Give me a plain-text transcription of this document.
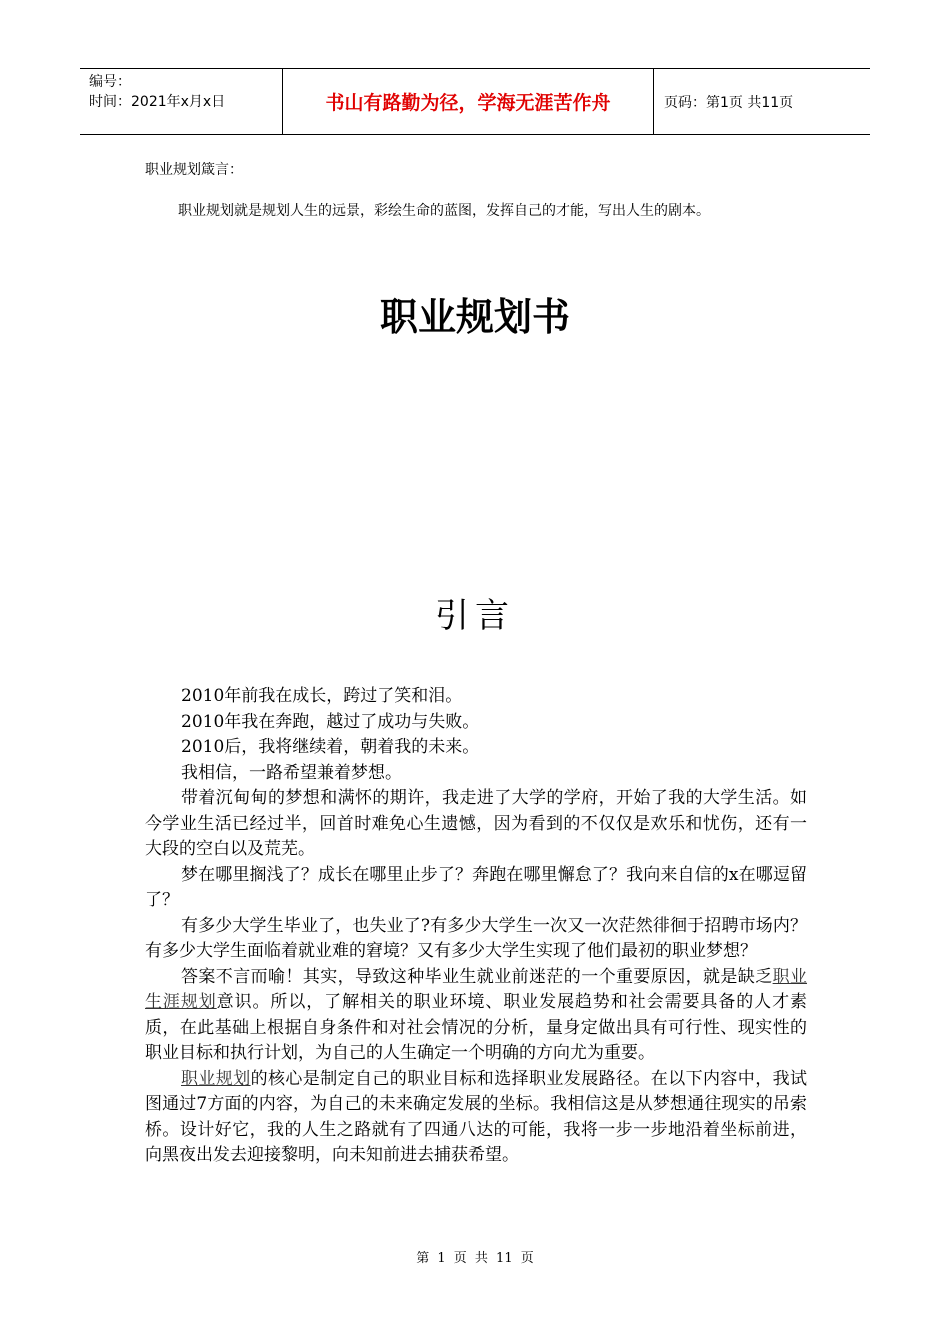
编号：
时间：2021年x月x日	书山有路勤为径，学海无涯苦作舟	页码：第1页 共11页
职业规划箴言：
职业规划就是规划人生的远景，彩绘生命的蓝图，发挥自己的才能，写出人生的剧本。
职业规划书
引言

2010年前我在成长，跨过了笑和泪。

2010年我在奔跑，越过了成功与失败。

2010后，我将继续着，朝着我的未来。

我相信，一路希望兼着梦想。

带着沉甸甸的梦想和满怀的期许，我走进了大学的学府，开始了我的大学生活。如今学业生活已经过半，回首时难免心生遗憾，因为看到的不仅仅是欢乐和忧伤，还有一大段的空白以及荒芜。

梦在哪里搁浅了？成长在哪里止步了？奔跑在哪里懈怠了？我向来自信的x在哪逗留了？

有多少大学生毕业了，也失业了?有多少大学生一次又一次茫然徘徊于招聘市场内？有多少大学生面临着就业难的窘境？又有多少大学生实现了他们最初的职业梦想？

答案不言而喻！其实，导致这种毕业生就业前迷茫的一个重要原因，就是缺乏职业生涯规划意识。所以，了解相关的职业环境、职业发展趋势和社会需要具备的人才素质，在此基础上根据自身条件和对社会情况的分析，量身定做出具有可行性、现实性的职业目标和执行计划，为自己的人生确定一个明确的方向尤为重要。

职业规划的核心是制定自己的职业目标和选择职业发展路径。在以下内容中，我试图通过7方面的内容，为自己的未来确定发展的坐标。我相信这是从梦想通往现实的吊索桥。设计好它，我的人生之路就有了四通八达的可能，我将一步一步地沿着坐标前进，向黑夜出发去迎接黎明，向未知前进去捕获希望。

第 1 页 共 11 页
